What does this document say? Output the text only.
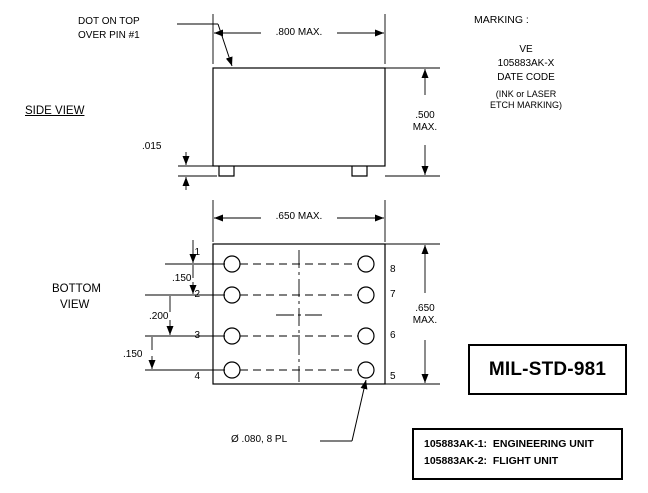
DOT ON TOP
OVER PIN #1	.800 MAX.
SIDE VIEW	.500
MAX.
.015
.650 MAX.
BOTTOM
VIEW	.650
MAX.
.150
.200
.150
1
2
3
4
8
7
6
5
Ø .080, 8 PL
MARKING :
VE
105883AK-X
DATE CODE
(INK or LASER
ETCH MARKING)
MIL-STD-981
105883AK-1:  ENGINEERING UNIT
105883AK-2:  FLIGHT UNIT
